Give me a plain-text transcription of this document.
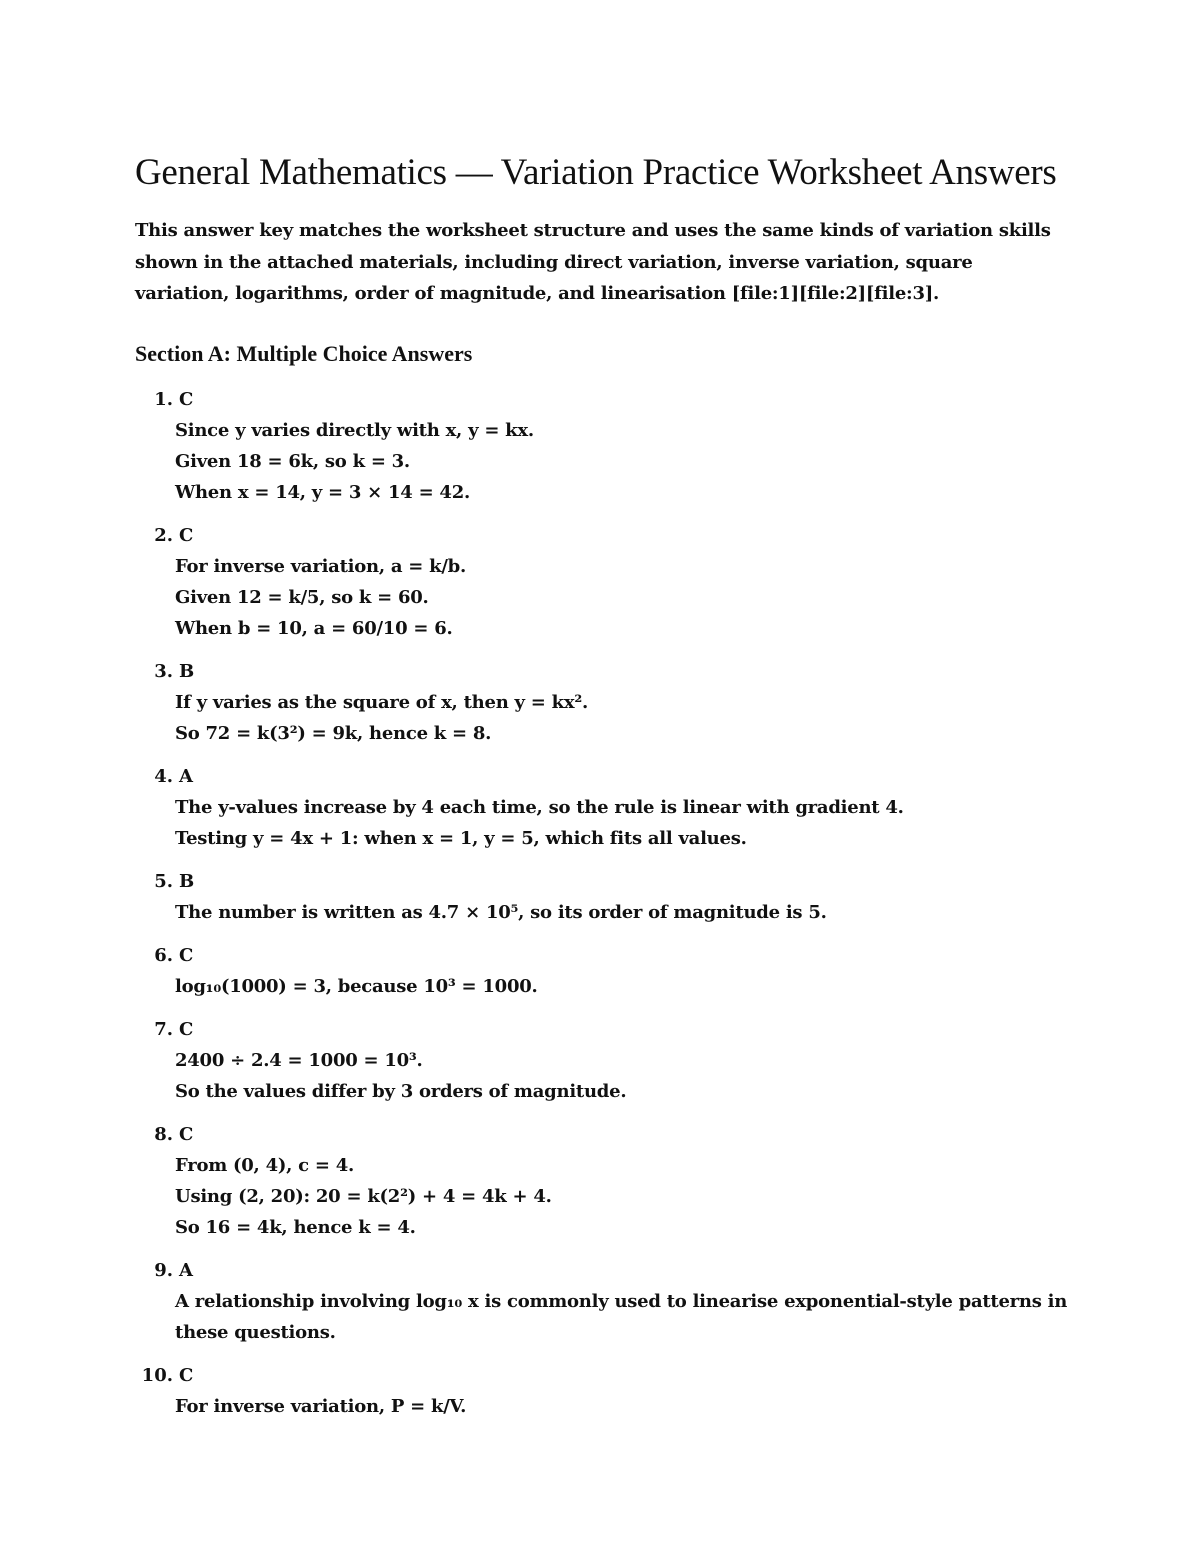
General Mathematics — Variation Practice Worksheet Answers
This answer key matches the worksheet structure and uses the same kinds of variation skills shown in the attached materials, including direct variation, inverse variation, square variation, logarithms, order of magnitude, and linearisation [file:1][file:2][file:3].
Section A: Multiple Choice Answers
1. C
Since y varies directly with x, y = kx.
Given 18 = 6k, so k = 3.
When x = 14, y = 3 × 14 = 42.
2. C
For inverse variation, a = k/b.
Given 12 = k/5, so k = 60.
When b = 10, a = 60/10 = 6.
3. B
If y varies as the square of x, then y = kx².
So 72 = k(3²) = 9k, hence k = 8.
4. A
The y-values increase by 4 each time, so the rule is linear with gradient 4.
Testing y = 4x + 1: when x = 1, y = 5, which fits all values.
5. B
The number is written as 4.7 × 10⁵, so its order of magnitude is 5.
6. C
log₁₀(1000) = 3, because 10³ = 1000.
7. C
2400 ÷ 2.4 = 1000 = 10³.
So the values differ by 3 orders of magnitude.
8. C
From (0, 4), c = 4.
Using (2, 20): 20 = k(2²) + 4 = 4k + 4.
So 16 = 4k, hence k = 4.
9. A
A relationship involving log₁₀ x is commonly used to linearise exponential-style patterns in these questions.
10. C
For inverse variation, P = k/V.
